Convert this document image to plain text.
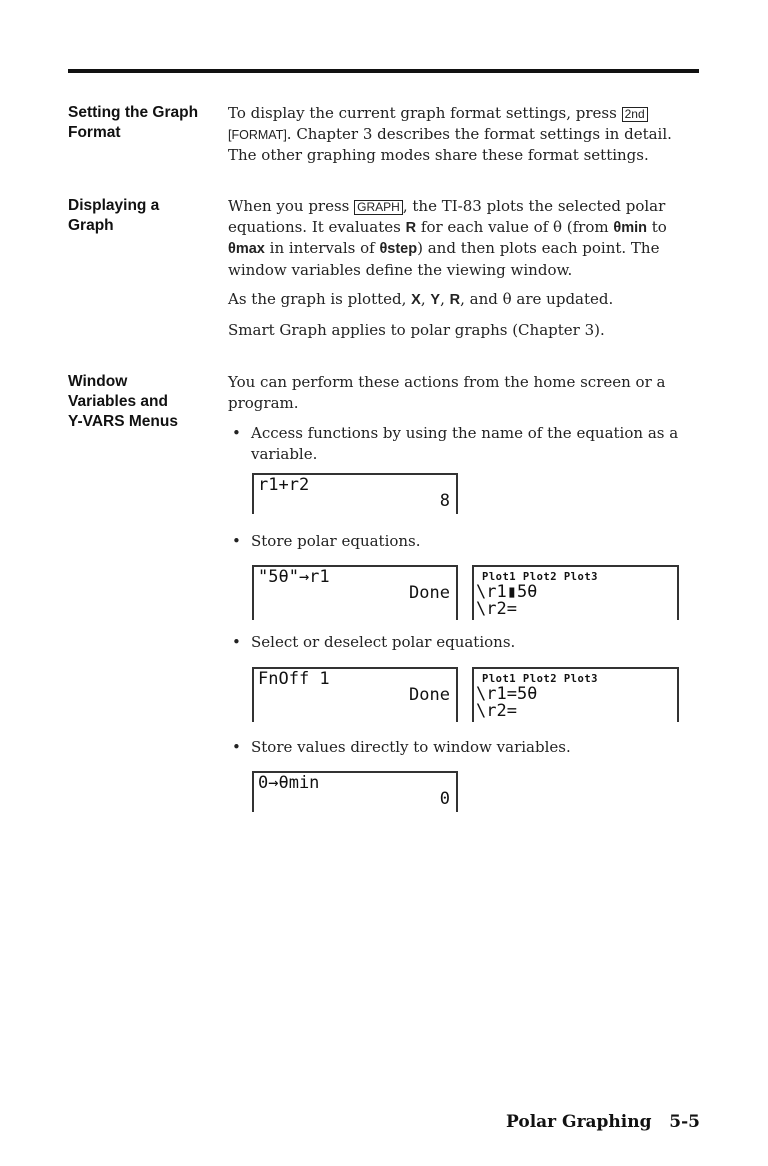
Setting the Graph
Format

To display the current graph format settings, press 2nd [FORMAT]. Chapter 3 describes the format settings in detail. The other graphing modes share these format settings.

Displaying a
Graph

When you press GRAPH , the TI-83 plots the selected polar equations. It evaluates R for each value of θ (from θmin to θmax in intervals of θstep) and then plots each point. The window variables define the viewing window.

As the graph is plotted, X, Y, R, and θ are updated.

Smart Graph applies to polar graphs (Chapter 3).

Window
Variables and
Y-VARS Menus

You can perform these actions from the home screen or a program.

• Access functions by using the name of the equation as a variable.
• Store polar equations.
• Select or deselect polar equations.
• Store values directly to window variables.
r1+r2
8
"5θ"→r1
Done
Plot1 Plot2 Plot3
\r1▮5θ
\r2=
FnOff 1
Done
Plot1 Plot2 Plot3
\r1=5θ
\r2=
0→θmin
0
Polar Graphing 5-5
